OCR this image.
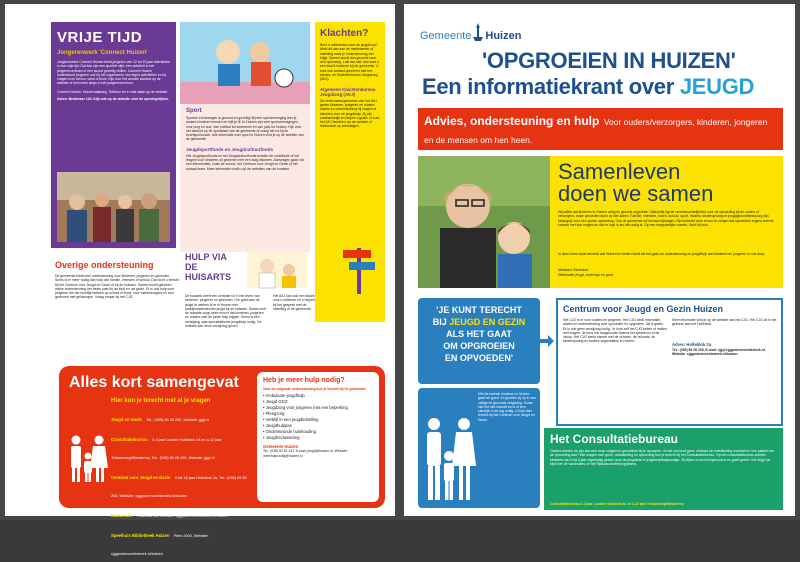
VRIJE TIJD
Jongerenwerk 'Connect Huizen'

Jongerenwerk Connect Huizen biedt jongeren van 12 tot 23 jaar activiteiten in hun vrije tijd. Dat kan zijn een sportief uitje, een activiteit in het jongerencentrum of een avond gezellig chillen. Connect Huizen ondersteunt jongeren ook bij het organiseren van eigen activiteiten en bij vragen over school, werk of thuis. Kijk voor het actuele aanbod op de website of kom eens langs in het jongerencentrum.

Connect Huizen, Huizermaatweg. Telefoon en e-mail staan op de website.

Adres: Bestevaer 124. Kijk ook op de website voor de openingstijden.

Sport

Sporten en bewegen is gezond en gezellig! Bij een sportvereniging leer je andere kinderen kennen en blijf je fit. In Huizen zijn veel sportverenigingen, voor jong en oud. Van voetbal tot zwemmen en van judo tot hockey. Kijk voor het aanbod op de sportkaart van de gemeente of vraag het na bij de buurtsportcoach. Alle informatie over sport in Huizen vind je op de website van de gemeente.

Jeugdsportfonds en Jeugdcultuurfonds

Het Jeugdsportfonds en het Jeugdcultuurfonds betalen de contributie of het lesgeld voor kinderen uit gezinnen met een laag inkomen. Aanvragen gaan via een intermediair, zoals de school, het Centrum voor Jeugd en Gezin of het sociaal team. Meer informatie vindt u op de websites van de fondsen.

Klachten?

Bent u ontevreden over de jeugdhulp? Meld dit dan aan de medewerker of instelling waar je ondersteuning van krijgt. Samen wordt dan gezocht naar een oplossing. Lukt dat niet, dan kunt u een klacht indienen bij de gemeente. U kunt ook contact opnemen met het Advies- en Klachtenbureau Jeugdzorg (AKJ).

Algemeen Klachtenbureau Jeugdzorg (AKJ)

De vertrouwenspersonen van het AKJ geven kinderen, jongeren en ouders advies en ondersteuning bij vragen of klachten over de jeugdhulp. Zij zijn onafhankelijk en helpen u gratis. U kunt het AKJ bereiken via de website of telefonisch op werkdagen.

Overige ondersteuning

De gemeente biedt veel ondersteuning voor kinderen, jongeren en gezinnen. Soms is er meer nodig dan hulp van familie, vrienden of school. Dan kunt u terecht bij het Centrum voor Jeugd en Gezin of bij de huisarts. Samen wordt gekeken welke ondersteuning het beste past bij uw kind en uw gezin. Er is ook hulp voor jongeren die het moeilijk hebben op school of thuis, voor mantelzorgers en voor gezinnen met geldzorgen. Vraag ernaar bij het CJG.

HULP VIA DE HUISARTS

De huisarts heeft een centrale rol in het leven van kinderen, jongeren en gezinnen. Om goed aan de jeugd te werken is er in Huizen een praktijkondersteuner jeugd bij de huisarts. Samen met de huisarts zorgt deze ervoor dat kinderen, jongeren en ouders snel de juiste hulp krijgen. Soms is een verwijzing naar specialistische jeugdhulp nodig. De huisarts kan deze verwijzing geven.

Het AKJ kan ook een klacht voor u indienen en u helpen bij het gesprek met de instelling of de gemeente.

Alles kort samengevat
Hier kun je terecht met al je vragen
Jeugd en Gezin Tel.: (035) 69 28 200, Website: jggt.nl
Consultatiebureau 0-4 jaar Locatie Holleblok 44 en 4-12 jaar Trekkerweg/Weisterrey, Tel.: (035) 69 28 200, Website: jggt.nl
Centrum voor Jeugd en Gezin 0 tot 18 jaar Holleblok 2a, Tel.: (035) 69 28 200, Website: cjggooienvechtstreek.nl/huizen
Mama cafe Holleblok 2a, Website: cjggooienvechtstreek.nl/huizen
Speelhuis Bibliotheek Huizen Plein 2000, Website: cjggooienvechtstreek.nl/huizen
Heb je meer hulp nodig?

Voor de volgende ondersteuning kun je terecht bij de gemeente:

• Ambulante jeugdhulp
• Jeugd-GGZ
• Jeugdzorg voor jongeren met een beperking
• Pleegzorg
• Verblijf in een jeugdinstelling
• Jeugdhulppas
• Ondersteunde huishouding
• Jeugdreclassering
Gemeente Huizen

Tel.: (035) 52 81 247, E-mail: jeugd@huizen.nl, Website: meerhulpnodig@huizen.nl

Gemeente Huizen
'OPGROEIEN IN HUIZEN'
Een informatiekrant over JEUGD
Advies, ondersteuning en hulp Voor ouders/verzorgers, kinderen, jongeren en de mensen om hen heen.
Samenleven
doen we samen

Wij willen dat kinderen in Huizen veilig en gezond opgroeien. Natuurlijk ligt de verantwoordelijkheid voor de opvoeding bij de ouders of verzorgers, maar opvoeden doen zij niet alleen. Familie, vrienden, buren, school, sport, muziek, kinderopvang en jeugdgezondheidszorg zijn belangrijk voor een goede opvoeding. Ook de gemeente wil hieraan bijdragen. Bijvoorbeeld door ervoor te zorgen dat opvoeders ergens terecht kunnen met hun vragen en dat er hulp is als dat nodig is. Op een toegankelijke manier, dicht bij huis.

In deze krant staat vermeld wat Huizen te bieden heeft als het gaat om ondersteuning en jeugdhulp aan kinderen en jongeren in ons dorp.

Marianne Ravesloot

Wethouder jeugd, onderwijs en sport

'JE KUNT TERECHT
BIJ JEUGD EN GEZIN
ALS HET GAAT
OM OPGROEIEN
EN OPVOEDEN'
Centrum voor Jeugd en Gezin Huizen

Het CJG is er voor ouders en jongeren. Het CJG biedt informatie, advies en ondersteuning over opvoeden en opgroeien. Dit is gratis. Er is ook geen verwijzing nodig. Je kunt zelf het CJG bellen of mailen met vragen. Je kunt ook langskomen tijdens het spreekuur of de inloop. Het CJG werkt samen met de scholen, de huisarts, de kinderopvang en andere organisaties in Huizen.

Meer informatie vind je op de website van het CJG. Het CJG zit in het gebouw aan het Holleblok.

Adres: Holleblok 2a

Tel.: (035) 69 28 200, E-mail: cjg@cjggooienvechtstreek.nl, Website: cjggooienvechtstreek.nl/huizen

Met de meeste kinderen in Huizen gaat het goed. Zo groeien zij op in een veilige en gezonde omgeving. Soms lukt het niet vanzelf en is er een steuntje in de rug nodig. U kunt dan terecht bij het Centrum voor Jeugd en Gezin.

Het Consultatiebureau

Ouders worden en zijn kan een hoop vragen en gevoelens bij je oproepen. Groeit ons kind goed, verloopt de ontwikkeling normaal en hoe pakken we de opvoeding aan? Met vragen over groei, ontwikkeling en opvoeding kun je terecht bij het Consultatiebureau. Op het consultatiebureau worden kinderen van 0 tot 4 jaar regelmatig gezien door de jeugdarts of jeugdverpleegkundige. Zij kijken of uw kind gezond is en goed groeit. Ook krijgt uw kind hier de vaccinaties uit het Rijksvaccinatieprogramma.

Consultatiebureau 0-4 jaar Locatie Holleblok 44 en 4-12 jaar Trekkerweg/Weisterrey
